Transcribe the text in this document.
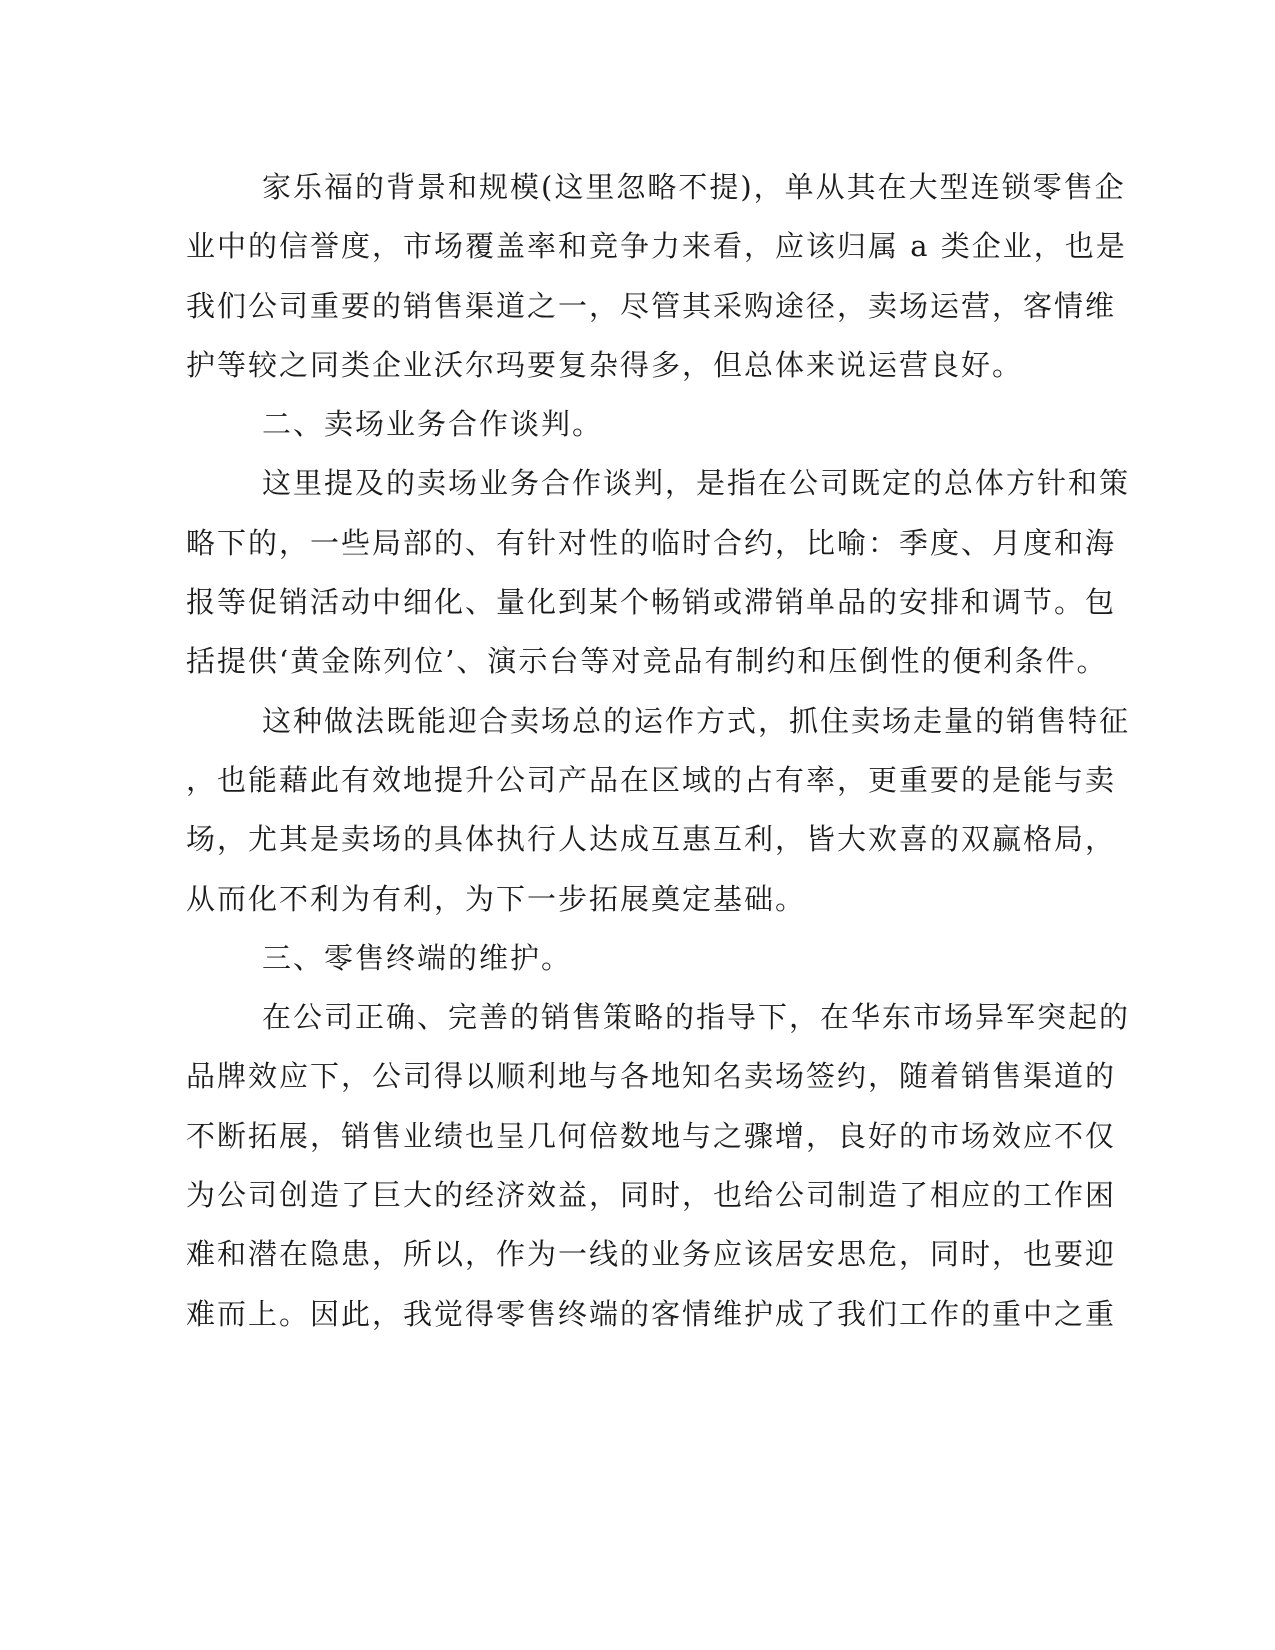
家乐福的背景和规模(这里忽略不提)，单从其在大型连锁零售企
业中的信誉度，市场覆盖率和竞争力来看，应该归属 a 类企业，也是
我们公司重要的销售渠道之一，尽管其采购途径，卖场运营，客情维
护等较之同类企业沃尔玛要复杂得多，但总体来说运营良好。
二、卖场业务合作谈判。
这里提及的卖场业务合作谈判，是指在公司既定的总体方针和策
略下的，一些局部的、有针对性的临时合约，比喻：季度、月度和海
报等促销活动中细化、量化到某个畅销或滞销单品的安排和调节。包
括提供‘黄金陈列位’、演示台等对竞品有制约和压倒性的便利条件。
这种做法既能迎合卖场总的运作方式，抓住卖场走量的销售特征
，也能藉此有效地提升公司产品在区域的占有率，更重要的是能与卖
场，尤其是卖场的具体执行人达成互惠互利，皆大欢喜的双赢格局，
从而化不利为有利，为下一步拓展奠定基础。
三、零售终端的维护。
在公司正确、完善的销售策略的指导下，在华东市场异军突起的
品牌效应下，公司得以顺利地与各地知名卖场签约，随着销售渠道的
不断拓展，销售业绩也呈几何倍数地与之骤增，良好的市场效应不仅
为公司创造了巨大的经济效益，同时，也给公司制造了相应的工作困
难和潜在隐患，所以，作为一线的业务应该居安思危，同时，也要迎
难而上。因此，我觉得零售终端的客情维护成了我们工作的重中之重
